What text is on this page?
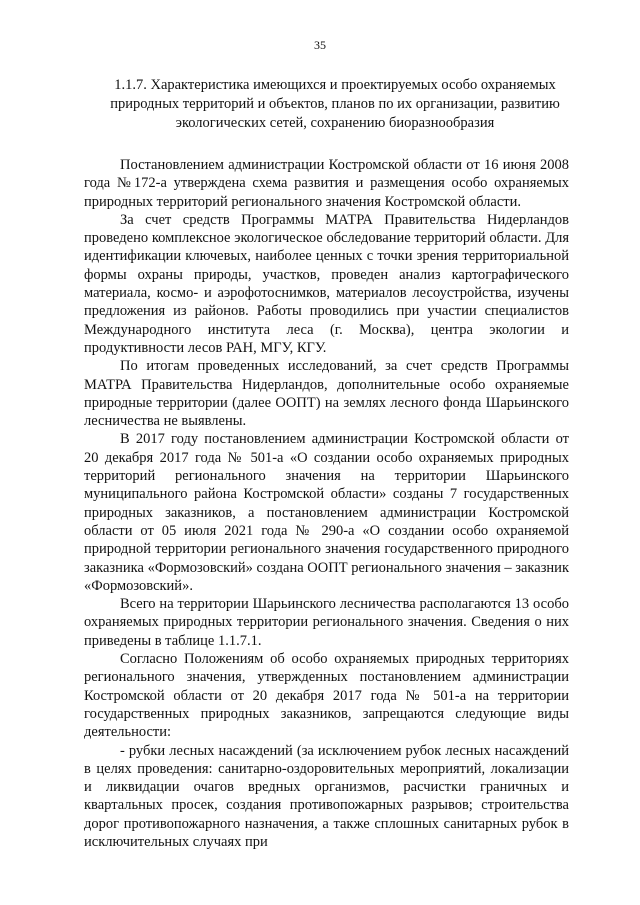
35
1.1.7. Характеристика имеющихся и проектируемых особо охраняемых природных территорий и объектов, планов по их организации, развитию экологических сетей, сохранению биоразнообразия

Постановлением администрации Костромской области от 16 июня 2008 года №172-а утверждена схема развития и размещения особо охраняемых природных территорий регионального значения Костромской области.

За счет средств Программы МАТРА Правительства Нидерландов проведено комплексное экологическое обследование территорий области. Для идентификации ключевых, наиболее ценных с точки зрения территориальной формы охраны природы, участков, проведен анализ картографического материала, космо- и аэрофотоснимков, материалов лесоустройства, изучены предложения из районов. Работы проводились при участии специалистов Международного института леса (г. Москва), центра экологии и продуктивности лесов РАН, МГУ, КГУ.

По итогам проведенных исследований, за счет средств Программы МАТРА Правительства Нидерландов, дополнительные особо охраняемые природные территории (далее ООПТ) на землях лесного фонда Шарьинского лесничества не выявлены.

В 2017 году постановлением администрации Костромской области от 20 декабря 2017 года № 501-а «О создании особо охраняемых природных территорий регионального значения на территории Шарьинского муниципального района Костромской области» созданы 7 государственных природных заказников, а постановлением администрации Костромской области от 05 июля 2021 года № 290-а «О создании особо охраняемой природной территории регионального значения государственного природного заказника «Формозовский» создана ООПТ регионального значения – заказник «Формозовский».

Всего на территории Шарьинского лесничества располагаются 13 особо охраняемых природных территории регионального значения. Сведения о них приведены в таблице 1.1.7.1.

Согласно Положениям об особо охраняемых природных территориях регионального значения, утвержденных постановлением администрации Костромской области от 20 декабря 2017 года № 501-а на территории государственных природных заказников, запрещаются следующие виды деятельности:

- рубки лесных насаждений (за исключением рубок лесных насаждений в целях проведения: санитарно-оздоровительных мероприятий, локализации и ликвидации очагов вредных организмов, расчистки граничных и квартальных просек, создания противопожарных разрывов; строительства дорог противопожарного назначения, а также сплошных санитарных рубок в исключительных случаях при
